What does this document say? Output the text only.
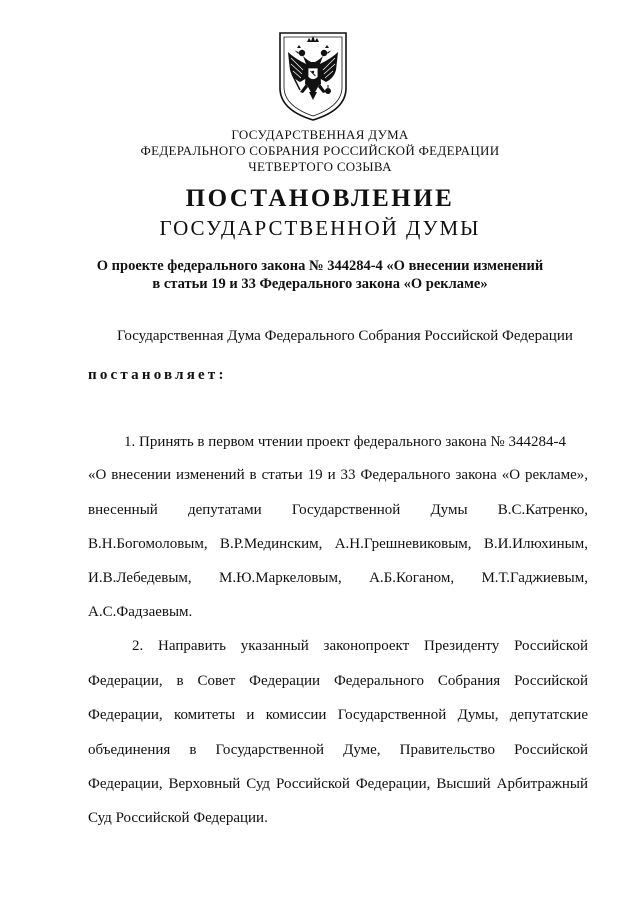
ГОСУДАРСТВЕННАЯ ДУМА
ФЕДЕРАЛЬНОГО СОБРАНИЯ РОССИЙСКОЙ ФЕДЕРАЦИИ
ЧЕТВЕРТОГО СОЗЫВА
ПОСТАНОВЛЕНИЕ
ГОСУДАРСТВЕННОЙ ДУМЫ
О проекте федерального закона № 344284-4 «О внесении изменений
в статьи 19 и 33 Федерального закона «О рекламе»
Государственная Дума Федерального Собрания Российской Федерации
постановляет:
1. Принять в первом чтении проект федерального закона № 344284-4
«О внесении изменений в статьи 19 и 33 Федерального закона «О рекламе»,
внесенный депутатами Государственной Думы В.С.Катренко,
В.Н.Богомоловым, В.Р.Мединским, А.Н.Грешневиковым, В.И.Илюхиным,
И.В.Лебедевым, М.Ю.Маркеловым, А.Б.Коганом, М.Т.Гаджиевым,
А.С.Фадзаевым.
2. Направить указанный законопроект Президенту Российской
Федерации, в Совет Федерации Федерального Собрания Российской
Федерации, комитеты и комиссии Государственной Думы, депутатские
объединения в Государственной Думе, Правительство Российской
Федерации, Верховный Суд Российской Федерации, Высший Арбитражный
Суд Российской Федерации.
